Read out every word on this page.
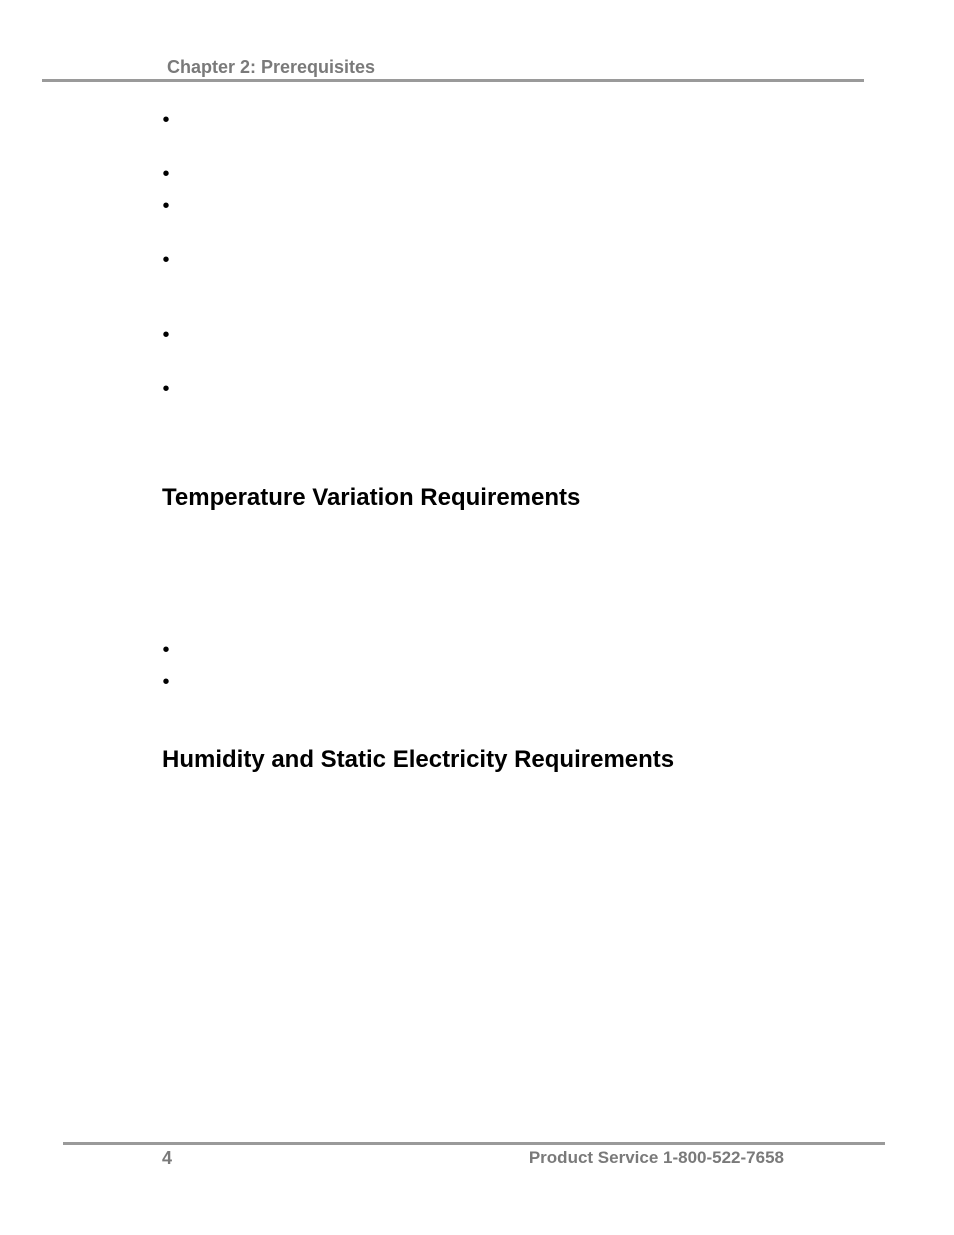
Chapter 2: Prerequisites
•
•
•
•
•
•
Temperature Variation Requirements
•
•
Humidity and Static Electricity Requirements
4	Product Service 1-800-522-7658
